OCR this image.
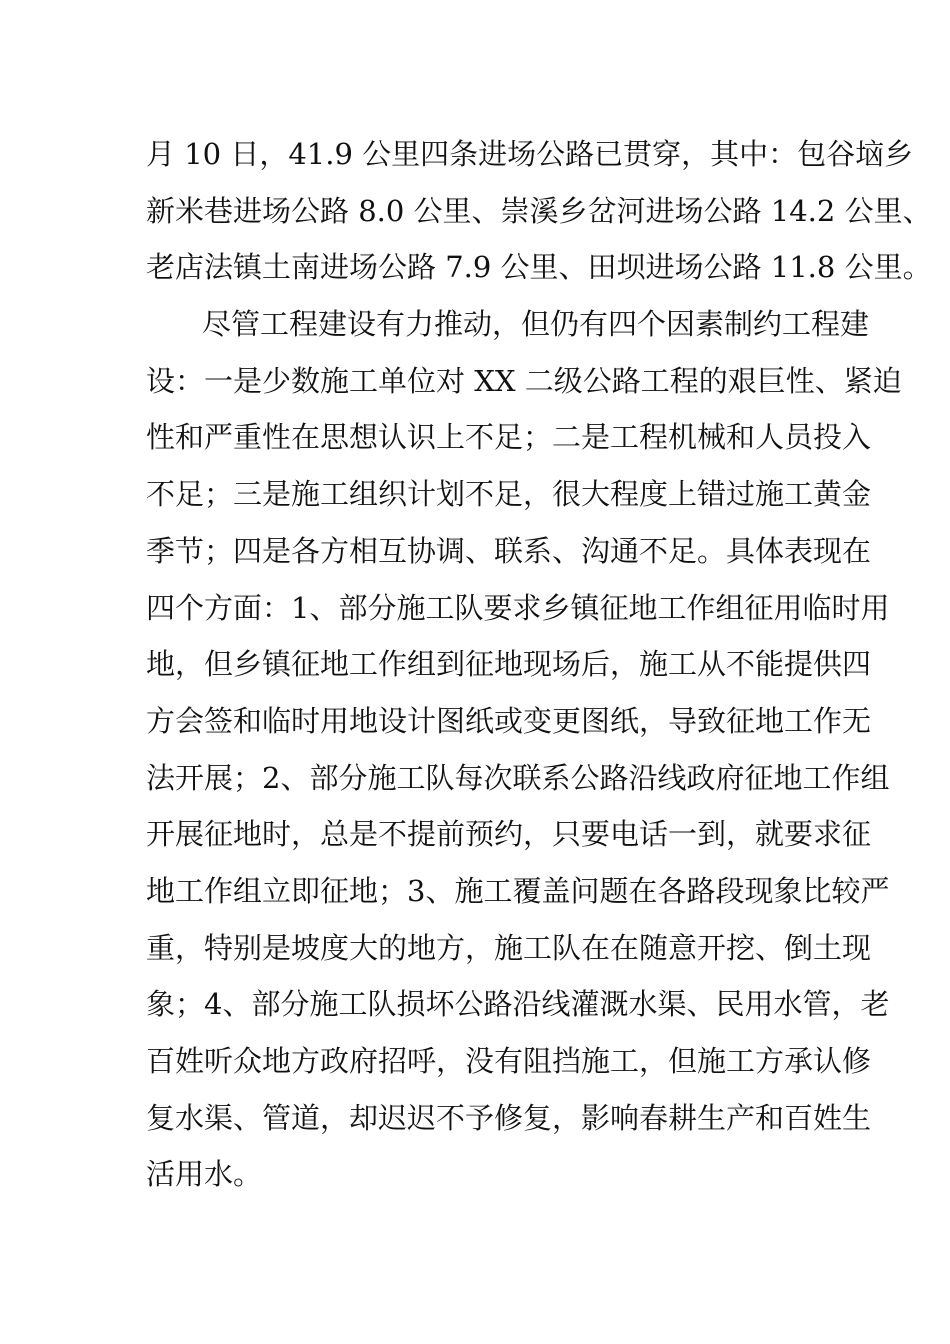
月 10 日，41.9 公里四条进场公路已贯穿，其中：包谷垴乡
新米巷进场公路 8.0 公里、崇溪乡岔河进场公路 14.2 公里、
老店法镇土南进场公路 7.9 公里、田坝进场公路 11.8 公里。
尽管工程建设有力推动，但仍有四个因素制约工程建
设：一是少数施工单位对 XX 二级公路工程的艰巨性、紧迫
性和严重性在思想认识上不足；二是工程机械和人员投入
不足；三是施工组织计划不足，很大程度上错过施工黄金
季节；四是各方相互协调、联系、沟通不足。具体表现在
四个方面：1、部分施工队要求乡镇征地工作组征用临时用
地，但乡镇征地工作组到征地现场后，施工从不能提供四
方会签和临时用地设计图纸或变更图纸，导致征地工作无
法开展；2、部分施工队每次联系公路沿线政府征地工作组
开展征地时，总是不提前预约，只要电话一到，就要求征
地工作组立即征地；3、施工覆盖问题在各路段现象比较严
重，特别是坡度大的地方，施工队在在随意开挖、倒土现
象；4、部分施工队损坏公路沿线灌溉水渠、民用水管，老
百姓听众地方政府招呼，没有阻挡施工，但施工方承认修
复水渠、管道，却迟迟不予修复，影响春耕生产和百姓生
活用水。
